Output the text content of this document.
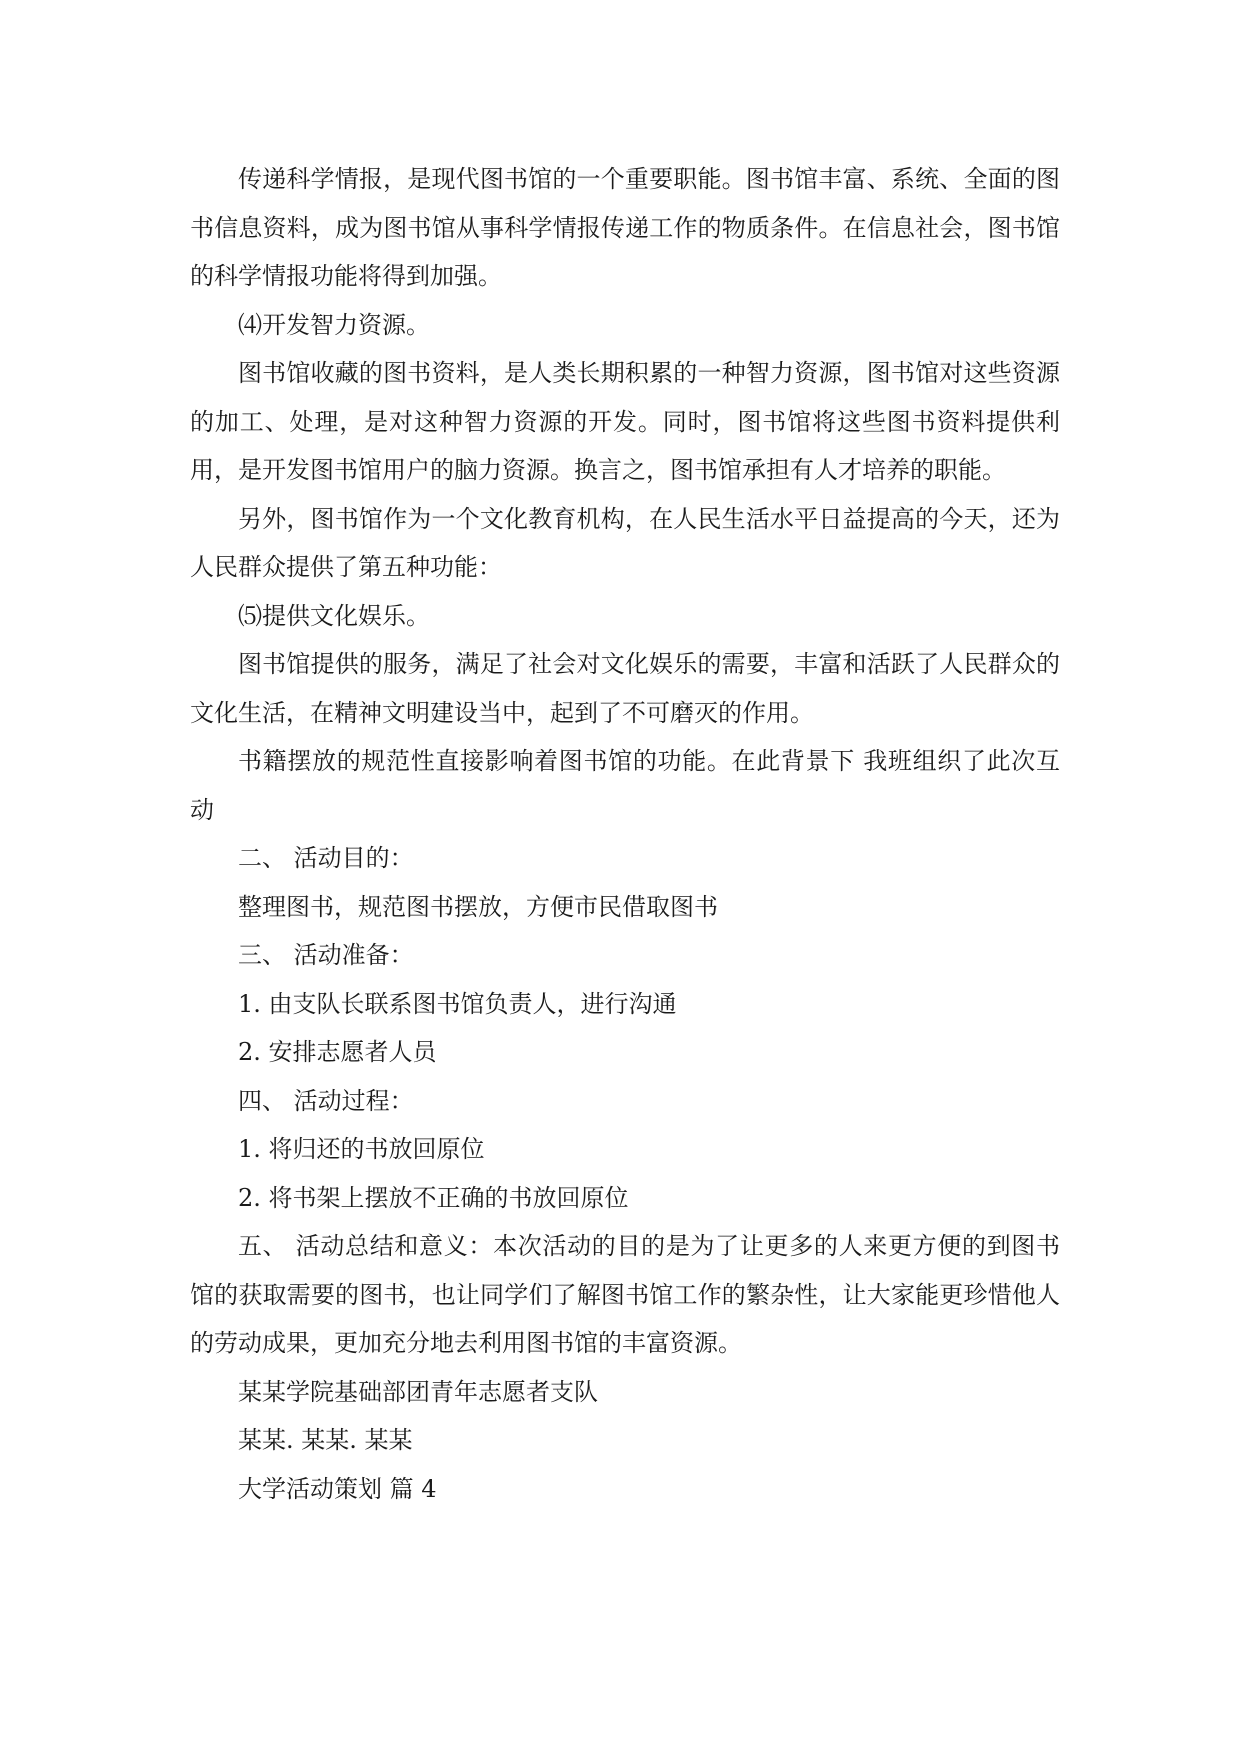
传递科学情报，是现代图书馆的一个重要职能。图书馆丰富、系统、全面的图书信息资料，成为图书馆从事科学情报传递工作的物质条件。在信息社会，图书馆的科学情报功能将得到加强。

⑷开发智力资源。

图书馆收藏的图书资料，是人类长期积累的一种智力资源，图书馆对这些资源的加工、处理，是对这种智力资源的开发。同时，图书馆将这些图书资料提供利用，是开发图书馆用户的脑力资源。换言之，图书馆承担有人才培养的职能。

另外，图书馆作为一个文化教育机构，在人民生活水平日益提高的今天，还为人民群众提供了第五种功能：

⑸提供文化娱乐。

图书馆提供的服务，满足了社会对文化娱乐的需要，丰富和活跃了人民群众的文化生活，在精神文明建设当中，起到了不可磨灭的作用。

书籍摆放的规范性直接影响着图书馆的功能。在此背景下 我班组织了此次互动

二、 活动目的：

整理图书，规范图书摆放，方便市民借取图书

三、 活动准备：

1. 由支队长联系图书馆负责人，进行沟通

2. 安排志愿者人员

四、 活动过程：

1. 将归还的书放回原位

2. 将书架上摆放不正确的书放回原位

五、 活动总结和意义：本次活动的目的是为了让更多的人来更方便的到图书馆的获取需要的图书，也让同学们了解图书馆工作的繁杂性，让大家能更珍惜他人的劳动成果，更加充分地去利用图书馆的丰富资源。

某某学院基础部团青年志愿者支队

某某. 某某. 某某

大学活动策划 篇 4
